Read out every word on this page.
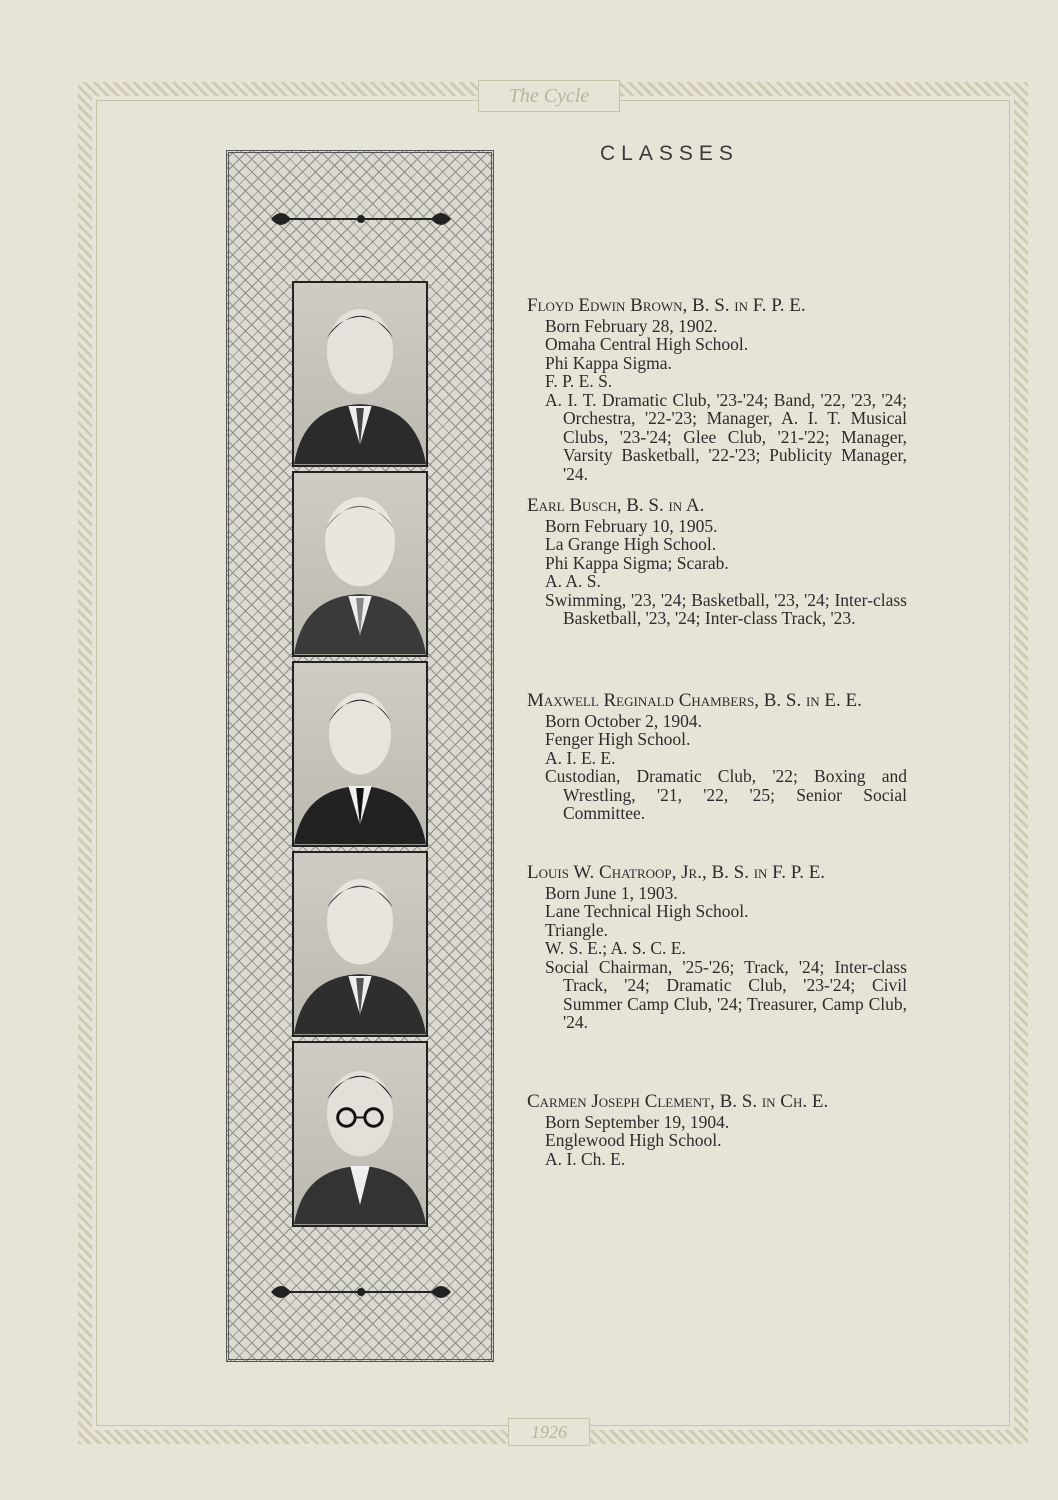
The Cycle
1926
CLASSES
Floyd Edwin Brown, B. S. in F. P. E.
Born February 28, 1902.
Omaha Central High School.
Phi Kappa Sigma.
F. P. E. S.
A. I. T. Dramatic Club, '23-'24; Band, '22, '23, '24; Orchestra, '22-'23; Manager, A. I. T. Musical Clubs, '23-'24; Glee Club, '21-'22; Manager, Varsity Basketball, '22-'23; Publicity Manager, '24.
Earl Busch, B. S. in A.
Born February 10, 1905.
La Grange High School.
Phi Kappa Sigma; Scarab.
A. A. S.
Swimming, '23, '24; Basketball, '23, '24; Inter-class Basketball, '23, '24; Inter-class Track, '23.
Maxwell Reginald Chambers, B. S. in E. E.
Born October 2, 1904.
Fenger High School.
A. I. E. E.
Custodian, Dramatic Club, '22; Boxing and Wrestling, '21, '22, '25; Senior Social Committee.
Louis W. Chatroop, Jr., B. S. in F. P. E.
Born June 1, 1903.
Lane Technical High School.
Triangle.
W. S. E.; A. S. C. E.
Social Chairman, '25-'26; Track, '24; Inter-class Track, '24; Dramatic Club, '23-'24; Civil Summer Camp Club, '24; Treasurer, Camp Club, '24.
Carmen Joseph Clement, B. S. in Ch. E.
Born September 19, 1904.
Englewood High School.
A. I. Ch. E.
